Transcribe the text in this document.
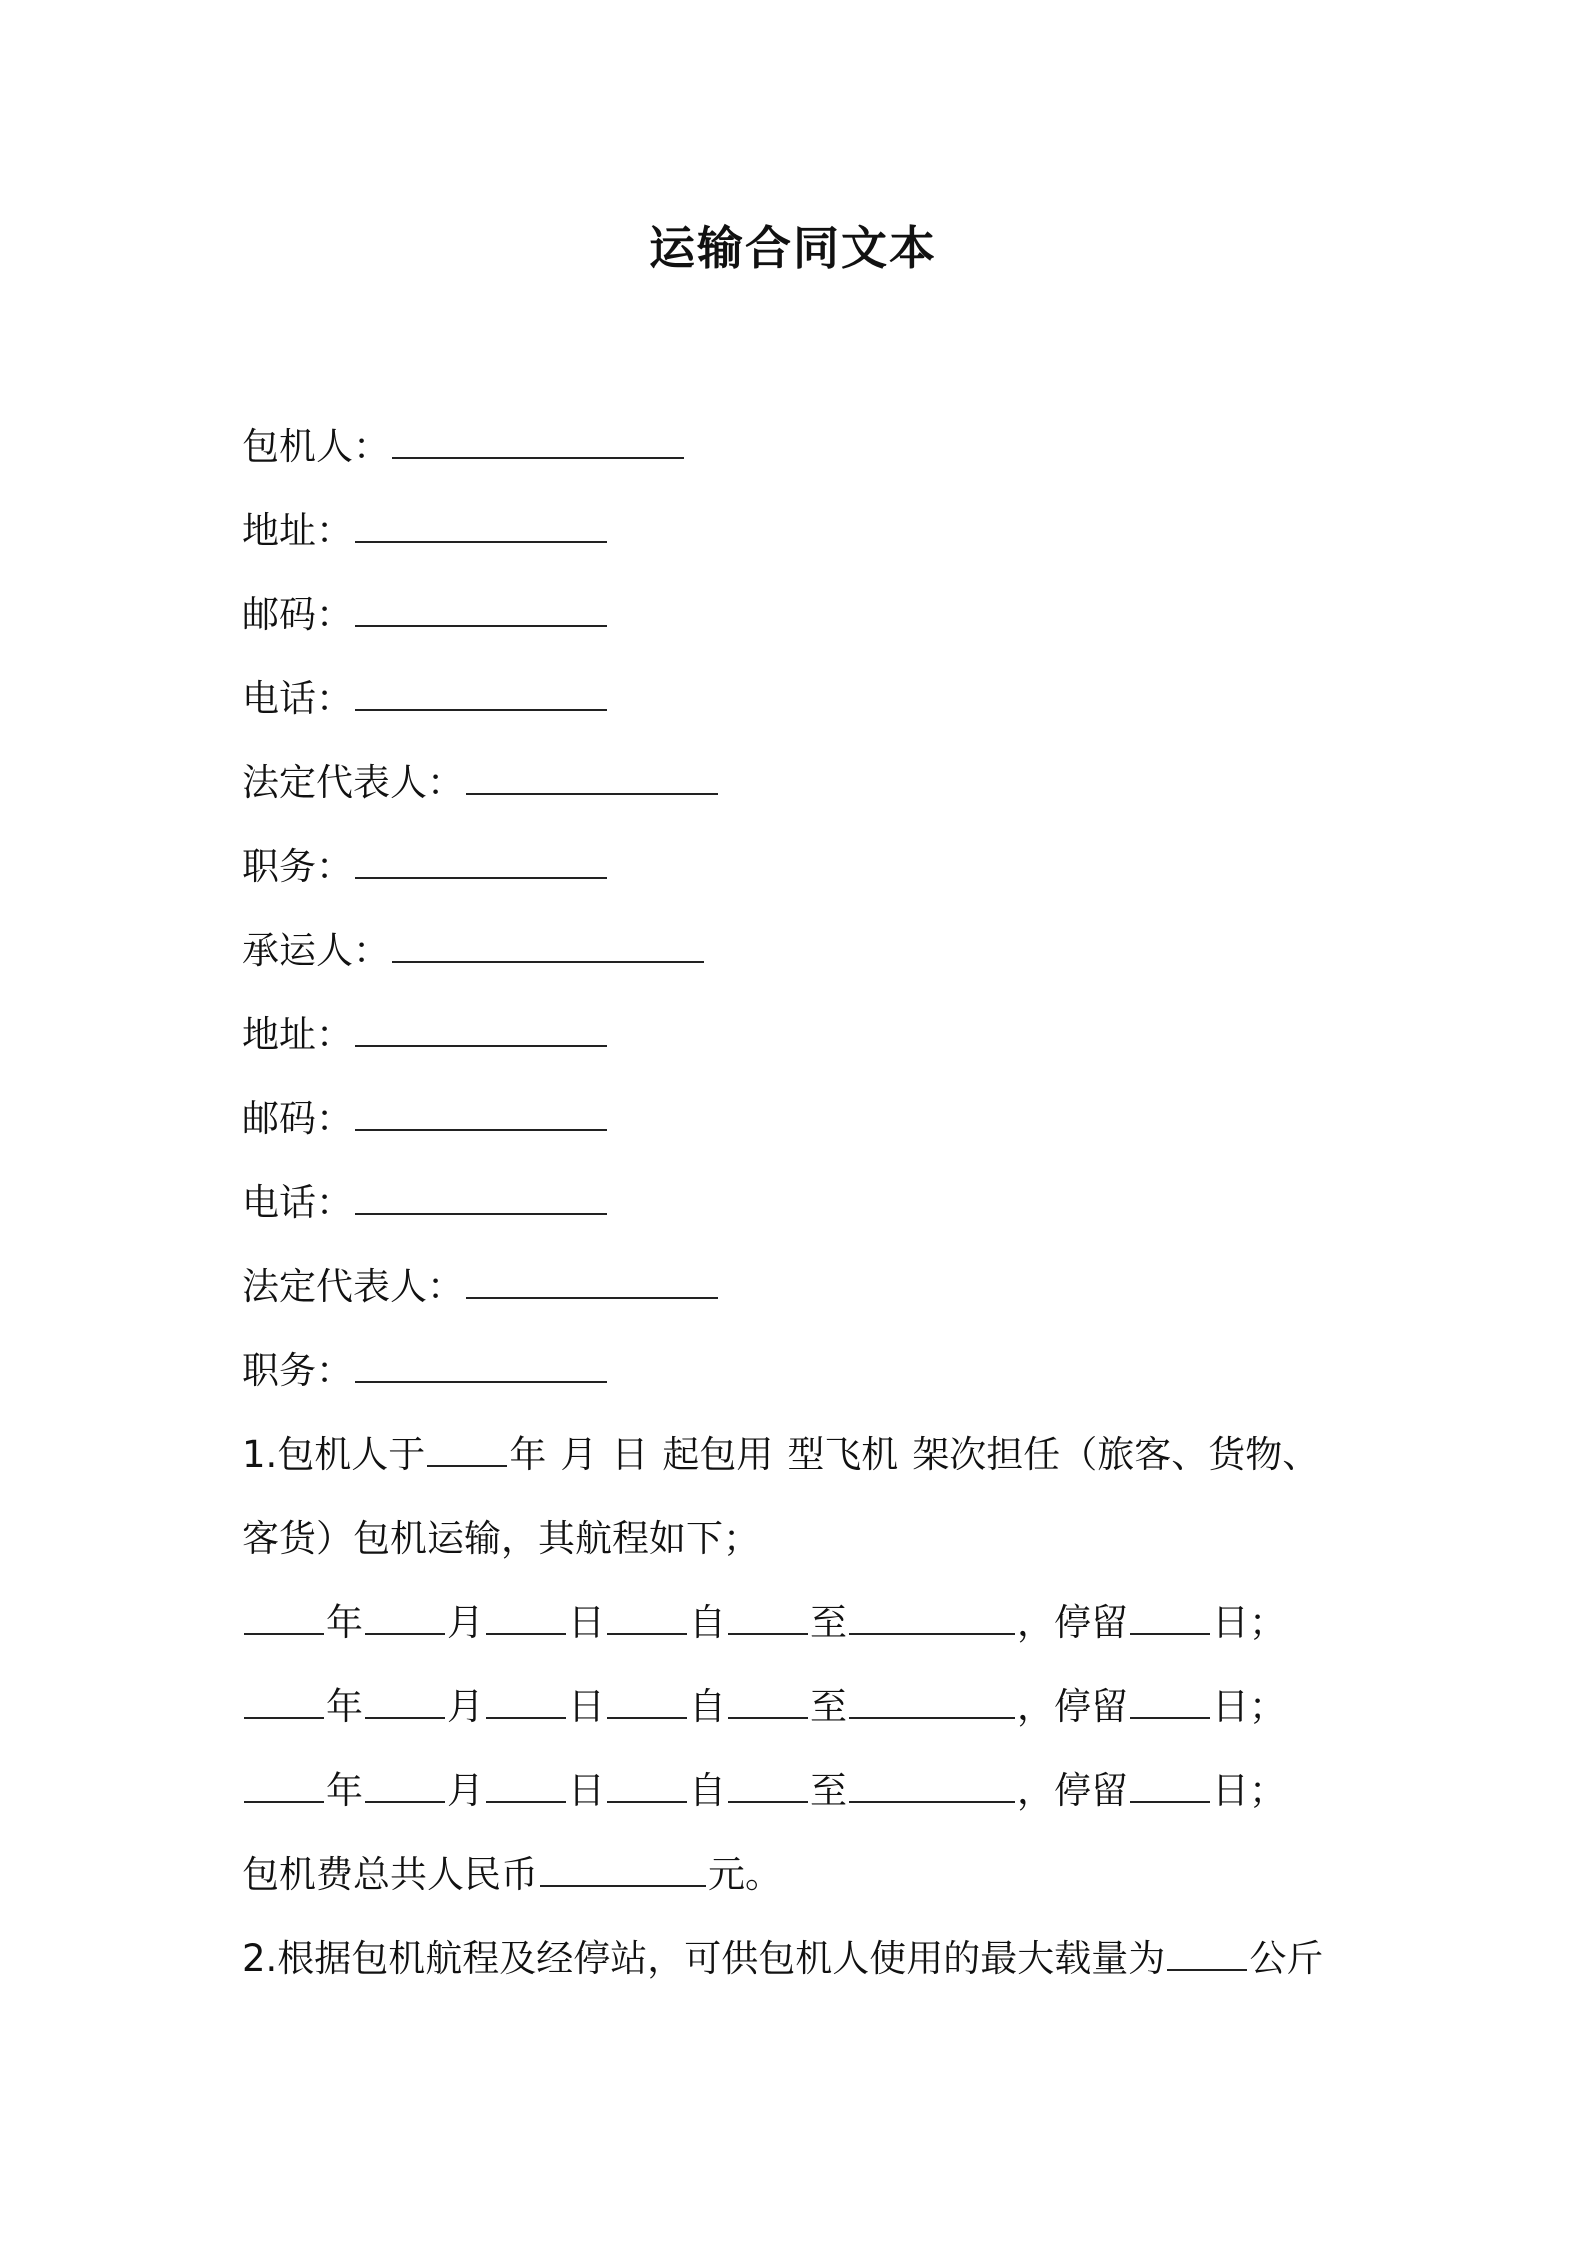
运输合同文本
包机人：
地址：
邮码：
电话：
法定代表人：
职务：
承运人：
地址：
邮码：
电话：
法定代表人：
职务：
1.包机人于 年 月 日 起包用 型飞机 架次担任（旅客、货物、
客货）包机运输，其航程如下；
年 月 日 自 至	，停留 日；
年 月 日 自 至	，停留 日；
年 月 日 自 至	，停留 日；
包机费总共人民币	元。
2.根据包机航程及经停站，可供包机人使用的最大载量为 公斤
